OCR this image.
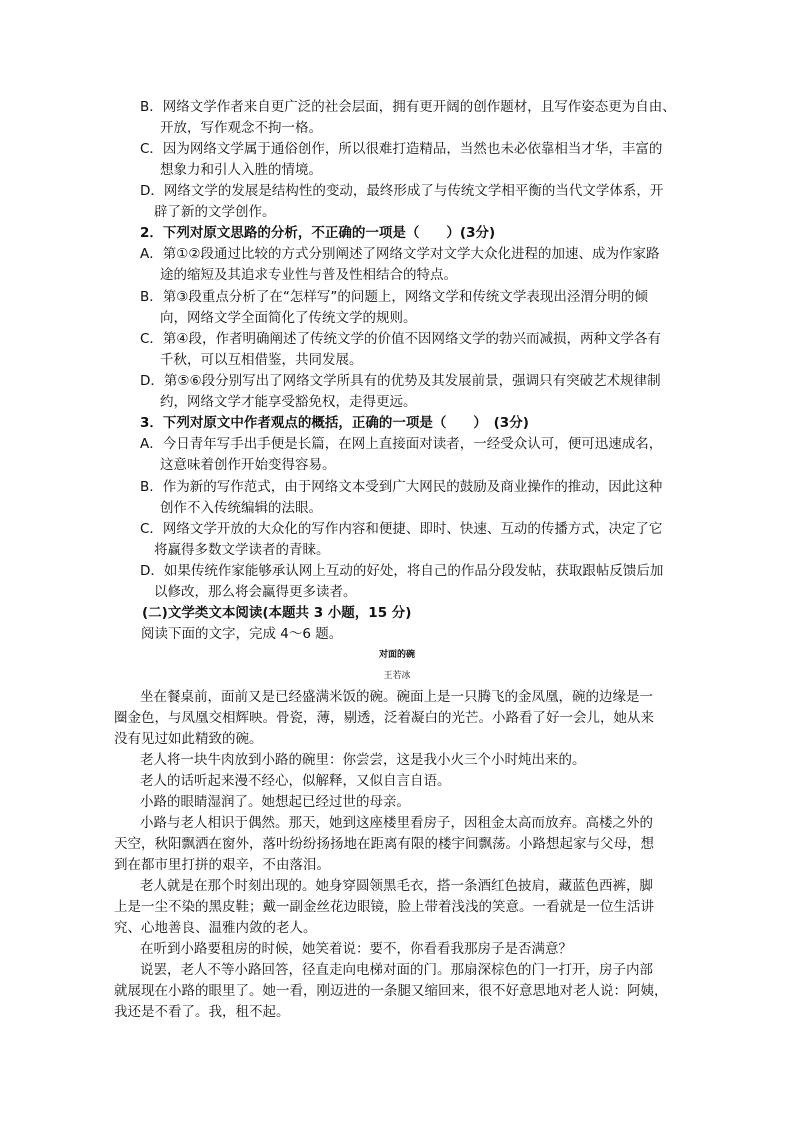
B．网络文学作者来自更广泛的社会层面，拥有更开阔的创作题材，且写作姿态更为自由、
开放，写作观念不拘一格。
C．因为网络文学属于通俗创作，所以很难打造精品，当然也未必依靠相当才华，丰富的
想象力和引人入胜的情境。
D．网络文学的发展是结构性的变动，最终形成了与传统文学相平衡的当代文学体系，开
辟了新的文学创作。
2．下列对原文思路的分析，不正确的一项是（　　）(3分)
A．第①②段通过比较的方式分别阐述了网络文学对文学大众化进程的加速、成为作家路
途的缩短及其追求专业性与普及性相结合的特点。
B．第③段重点分析了在“怎样写”的问题上，网络文学和传统文学表现出泾渭分明的倾
向，网络文学全面简化了传统文学的规则。
C．第④段，作者明确阐述了传统文学的价值不因网络文学的勃兴而减损，两种文学各有
千秋，可以互相借鉴，共同发展。
D．第⑤⑥段分别写出了网络文学所具有的优势及其发展前景，强调只有突破艺术规律制
约，网络文学才能享受豁免权，走得更远。
3．下列对原文中作者观点的概括，正确的一项是（　　）　(3分)
A．今日青年写手出手便是长篇，在网上直接面对读者，一经受众认可，便可迅速成名，
这意味着创作开始变得容易。
B．作为新的写作范式，由于网络文本受到广大网民的鼓励及商业操作的推动，因此这种
创作不入传统编辑的法眼。
C．网络文学开放的大众化的写作内容和便捷、即时、快速、互动的传播方式，决定了它
将赢得多数文学读者的青睐。
D．如果传统作家能够承认网上互动的好处，将自己的作品分段发帖，获取跟帖反馈后加
以修改，那么将会赢得更多读者。
(二)文学类文本阅读(本题共 3 小题，15 分)
阅读下面的文字，完成 4～6 题。
对面的碗
王若冰
坐在餐桌前，面前又是已经盛满米饭的碗。碗面上是一只腾飞的金凤凰，碗的边缘是一
圈金色，与凤凰交相辉映。骨瓷，薄，剔透，泛着凝白的光芒。小路看了好一会儿，她从来
没有见过如此精致的碗。
老人将一块牛肉放到小路的碗里：你尝尝，这是我小火三个小时炖出来的。
老人的话听起来漫不经心，似解释，又似自言自语。
小路的眼睛湿润了。她想起已经过世的母亲。
小路与老人相识于偶然。那天，她到这座楼里看房子，因租金太高而放弃。高楼之外的
天空，秋阳飘洒在窗外，落叶纷纷扬扬地在距离有限的楼宇间飘荡。小路想起家与父母，想
到在都市里打拼的艰辛，不由落泪。
老人就是在那个时刻出现的。她身穿圆领黑毛衣，搭一条酒红色披肩，藏蓝色西裤，脚
上是一尘不染的黑皮鞋；戴一副金丝花边眼镜，脸上带着浅浅的笑意。一看就是一位生活讲
究、心地善良、温雅内敛的老人。
在听到小路要租房的时候，她笑着说：要不，你看看我那房子是否满意？
说罢，老人不等小路回答，径直走向电梯对面的门。那扇深棕色的门一打开，房子内部
就展现在小路的眼里了。她一看，刚迈进的一条腿又缩回来，很不好意思地对老人说：阿姨，
我还是不看了。我，租不起。
